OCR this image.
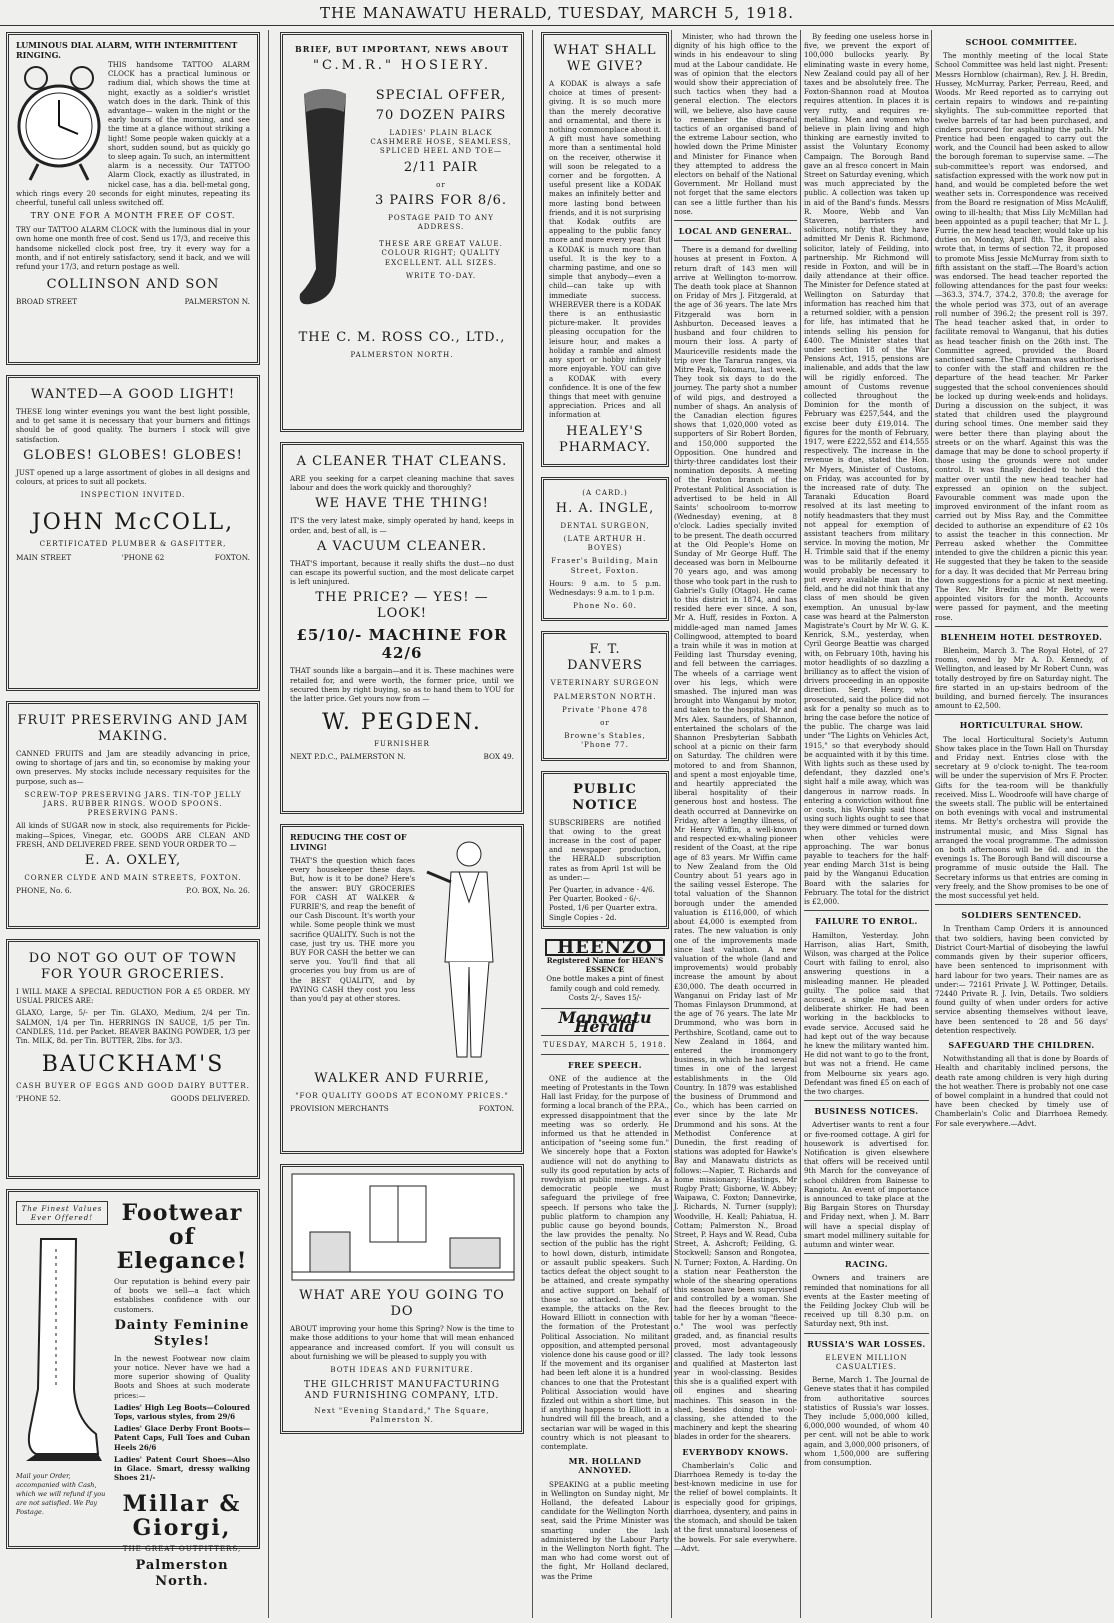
THE MANAWATU HERALD, TUESDAY, MARCH 5, 1918.
LUMINOUS DIAL ALARM, WITH INTERMITTENT RINGING.

THIS handsome TATTOO ALARM CLOCK has a practical luminous or radium dial, which shows the time at night, exactly as a soldier's wristlet watch does in the dark. Think of this advantage— waken in the night or the early hours of the morning, and see the time at a glance without striking a light! Some people waken quickly at a short, sudden sound, but as quickly go to sleep again. To such, an intermittent alarm is a necessity. Our TATTOO Alarm Clock, exactly as illustrated, in nickel case, has a dia. bell-metal gong, which rings every 20 seconds for eight minutes, repeating its cheerful, tuneful call unless switched off.

TRY ONE FOR A MONTH FREE OF COST.

TRY our TATTOO ALARM CLOCK with the luminous dial in your own home one month free of cost. Send us 17/3, and receive this handsome nickelled clock post free, try it every way for a month, and if not entirely satisfactory, send it back, and we will refund your 17/3, and return postage as well.

COLLINSON AND SON
BROAD STREET	PALMERSTON N.
WANTED—A GOOD LIGHT!

THESE long winter evenings you want the best light possible, and to get same it is necessary that your burners and fittings should be of good quality. The burners I stock will give satisfaction.

GLOBES! GLOBES! GLOBES!

JUST opened up a large assortment of globes in all designs and colours, at prices to suit all pockets.

INSPECTION INVITED.
JOHN McCOLL,
CERTIFICATED PLUMBER & GASFITTER,
MAIN STREET	'PHONE 62	FOXTON.
FRUIT PRESERVING AND JAM MAKING.

CANNED FRUITS and Jam are steadily advancing in price, owing to shortage of jars and tin, so economise by making your own preserves. My stocks include necessary requisites for the purpose, such as—

SCREW-TOP PRESERVING JARS. TIN-TOP JELLY JARS. RUBBER RINGS. WOOD SPOONS. PRESERVING PANS.

All kinds of SUGAR now in stock, also requirements for Pickle-making—Spices, Vinegar, etc. GOODS ARE CLEAN AND FRESH, AND DELIVERED FREE. SEND YOUR ORDER TO —

E. A. OXLEY,
CORNER CLYDE AND MAIN STREETS, FOXTON.
PHONE, No. 6.	P.O. BOX, No. 26.
DO NOT GO OUT OF TOWN FOR YOUR GROCERIES.

I WILL MAKE A SPECIAL REDUCTION FOR A £5 ORDER. MY USUAL PRICES ARE:

GLAXO, Large, 5/- per Tin. GLAXO, Medium, 2/4 per Tin. SALMON, 1/4 per Tin. HERRINGS IN SAUCE, 1/5 per Tin. CANDLES, 11d. per Packet. BEAVER BAKING POWDER, 1/3 per Tin. MILK, 8d. per Tin. BUTTER, 2lbs. for 3/3.

BAUCKHAM'S
CASH BUYER OF EGGS AND GOOD DAIRY BUTTER.
'PHONE 52.	GOODS DELIVERED.
The Finest Values Ever Offered!
Mail your Order, accompanied with Cash, which we will refund if you are not satisfied. We Pay Postage.
Footwear of Elegance!

Our reputation is behind every pair of boots we sell—a fact which establishes confidence with our customers.

Dainty Feminine Styles!

In the newest Footwear now claim your notice. Never have we had a more superior showing of Quality Boots and Shoes at such moderate prices:—

Ladies' High Leg Boots—Coloured Tops, various styles, from 29/6

Ladies' Glace Derby Front Boots—Patent Caps, Full Toes and Cuban Heels 26/6

Ladies' Patent Court Shoes—Also in Glace. Smart, dressy walking Shoes 21/-

Millar & Giorgi,
THE GREAT OUTFITTERS,
Palmerston North.
BRIEF, BUT IMPORTANT, NEWS ABOUT
"C.M.R." HOSIERY.
SPECIAL OFFER,
70 DOZEN PAIRS
LADIES' PLAIN BLACK CASHMERE HOSE, SEAMLESS, SPLICED HEEL AND TOE—
2/11 PAIR
or
3 PAIRS FOR 8/6.
POSTAGE PAID TO ANY ADDRESS.
THESE ARE GREAT VALUE. COLOUR RIGHT; QUALITY EXCELLENT. ALL SIZES.
WRITE TO-DAY.
THE C. M. ROSS CO., LTD.,
PALMERSTON NORTH.
A CLEANER THAT CLEANS.

ARE you seeking for a carpet cleaning machine that saves labour and does the work quickly and thoroughly?

WE HAVE THE THING!

IT'S the very latest make, simply operated by hand, keeps in order, and, best of all, is —

A VACUUM CLEANER.

THAT'S important, because it really shifts the dust—no dust can escape its powerful suction, and the most delicate carpet is left uninjured.

THE PRICE? — YES! — LOOK!
£5/10/- MACHINE FOR 42/6

THAT sounds like a bargain—and it is. These machines were retailed for, and were worth, the former price, until we secured them by right buying, so as to hand them to YOU for the latter price. Get yours now from —

W. PEGDEN.
FURNISHER
NEXT P.D.C., PALMERSTON N.	BOX 49.
REDUCING THE COST OF LIVING!

THAT'S the question which faces every housekeeper these days. But, how is it to be done? Here's the answer: BUY GROCERIES FOR CASH AT WALKER & FURRIE'S, and reap the benefit of our Cash Discount. It's worth your while. Some people think we must sacrifice QUALITY. Such is not the case, just try us. THE more you BUY FOR CASH the better we can serve you. You'll find that all groceries you buy from us are of the BEST QUALITY, and by PAYING CASH they cost you less than you'd pay at other stores.

WALKER AND FURRIE,
"FOR QUALITY GOODS AT ECONOMY PRICES."
PROVISION MERCHANTS	FOXTON.
WHAT ARE YOU GOING TO DO

ABOUT improving your home this Spring? Now is the time to make those additions to your home that will mean enhanced appearance and increased comfort. If you will consult us about furnishing we will be pleased to supply you with

BOTH IDEAS AND FURNITURE.
THE GILCHRIST MANUFACTURING AND FURNISHING COMPANY, LTD.
Next "Evening Standard," The Square, Palmerston N.
WHAT SHALL WE GIVE?

A KODAK is always a safe choice at times of present-giving. It is so much more than the merely decorative and ornamental, and there is nothing commonplace about it. A gift must have something more than a sentimental hold on the receiver, otherwise it will soon be relegated to a corner and be forgotten. A useful present like a KODAK makes an infinitely better and more lasting bond between friends, and it is not surprising that Kodak outfits are appealing to the public fancy more and more every year. But a KODAK is much more than useful. It is the key to a charming pastime, and one so simple that anybody—even a child—can take up with immediate success. WHEREVER there is a KODAK there is an enthusiastic picture-maker. It provides pleasing occupation for the leisure hour, and makes a holiday a ramble and almost any sport or hobby infinitely more enjoyable. YOU can give a KODAK with every confidence. It is one of the few things that meet with genuine appreciation. Prices and all information at

HEALEY'S PHARMACY.
(A CARD.)
H. A. INGLE,
DENTAL SURGEON,
(LATE ARTHUR H. BOYES)
Fraser's Building, Main Street, Foxton.

Hours: 9 a.m. to 5 p.m. Wednesdays: 9 a.m. to 1 p.m.

Phone No. 60.
F. T. DANVERS
VETERINARY SURGEON
PALMERSTON NORTH.
Private 'Phone 478
or
Browne's Stables, 'Phone 77.
PUBLIC NOTICE

SUBSCRIBERS are notified that owing to the great increase in the cost of paper and newspaper production, the HERALD subscription rates as from April 1st will be as under:—

Per Quarter, in advance - 4/6.
Per Quarter, Booked - 6/-.
Posted, 1/6 per Quarter extra.
Single Copies - 2d.
HEENZO
Registered Name for HEAN'S ESSENCE
One bottle makes a pint of finest family cough and cold remedy. Costs 2/-, Saves 15/-
Manawatu Herald
TUESDAY, MARCH 5, 1918.
FREE SPEECH.

ONE of the audience at the meeting of Protestants in the Town Hall last Friday, for the purpose of forming a local branch of the P.P.A., expressed disappointment that the meeting was so orderly. He informed us that he attended in anticipation of "seeing some fun." We sincerely hope that a Foxton audience will not do anything to sully its good reputation by acts of rowdyism at public meetings. As a democratic people we must safeguard the privilege of free speech. If persons who take the public platform to champion any public cause go beyond bounds, the law provides the penalty. No section of the public has the right to howl down, disturb, intimidate or assault public speakers. Such tactics defeat the object sought to be attained, and create sympathy and active support on behalf of those so attacked. Take, for example, the attacks on the Rev. Howard Elliott in connection with the formation of the Protestant Political Association. No militant opposition, and attempted personal violence done his cause good or ill? If the movement and its organiser had been left alone it is a hundred chances to one that the Protestant Political Association would have fizzled out within a short time, but if anything happens to Elliott in a hundred will fill the breach, and a sectarian war will be waged in this country which is not pleasant to contemplate.

MR. HOLLAND ANNOYED.

SPEAKING at a public meeting in Wellington on Sunday night, Mr Holland, the defeated Labour candidate for the Wellington North seat, said the Prime Minister was smarting under the lash administered by the Labour Party in the Wellington North fight. The man who had come worst out of the fight, Mr Holland declared, was the Prime

Minister, who had thrown the dignity of his high office to the winds in his endeavour to sling mud at the Labour candidate. He was of opinion that the electors would show their appreciation of such tactics when they had a general election. The electors will, we believe, also have cause to remember the disgraceful tactics of an organised band of the extreme Labour section, who howled down the Prime Minister and Minister for Finance when they attempted to address the electors on behalf of the National Government. Mr Holland must not forget that the same electors can see a little further than his nose.

LOCAL AND GENERAL.

There is a demand for dwelling houses at present in Foxton. A return draft of 143 men will arrive at Wellington to-morrow. The death took place at Shannon on Friday of Mrs J. Fitzgerald, at the age of 36 years. The late Mrs Fitzgerald was born in Ashburton. Deceased leaves a husband and four children to mourn their loss. A party of Mauriceville residents made the trip over the Tararua ranges, via Mitre Peak, Tokomaru, last week. They took six days to do the journey. The party shot a number of wild pigs, and destroyed a number of shags. An analysis of the Canadian election figures shows that 1,020,000 voted as supporters of Sir Robert Borden, and 150,000 supported the Opposition. One hundred and thirty-three candidates lost their nomination deposits. A meeting of the Foxton branch of the Protestant Political Association is advertised to be held in All Saints' schoolroom to-morrow (Wednesday) evening, at 8 o'clock. Ladies specially invited to be present. The death occurred at the Old People's Home on Sunday of Mr George Huff. The deceased was born in Melbourne 70 years ago, and was among those who took part in the rush to Gabriel's Gully (Otago). He came to this district in 1874, and has resided here ever since. A son, Mr A. Huff, resides in Foxton. A middle-aged man named James Collingwood, attempted to board a train while it was in motion at Feilding last Thursday evening, and fell between the carriages. The wheels of a carriage went over his legs, which were smashed. The injured man was brought into Wanganui by motor, and taken to the hospital. Mr and Mrs Alex. Saunders, of Shannon, entertained the scholars of the Shannon Presbyterian Sabbath school at a picnic on their farm on Saturday. The children were motored to and from Shannon, and spent a most enjoyable time, and heartily appreciated the liberal hospitality of their generous host and hostess. The death occurred at Dannevirke on Friday, after a lengthy illness, of Mr Henry Wiffin, a well-known and respected ex-whaling pioneer resident of the Coast, at the ripe age of 83 years. Mr Wiffin came to New Zealand from the Old Country about 51 years ago in the sailing vessel Esterope. The total valuation of the Shannon borough under the amended valuation is £116,000, of which about £4,000 is exempted from rates. The new valuation is only one of the improvements made since last valuation. A new valuation of the whole (land and improvements) would probably increase the amount by about £30,000. The death occurred in Wanganui on Friday last of Mr Thomas Finlayson Drummond, at the age of 76 years. The late Mr Drummond, who was born in Perthshire, Scotland, came out to New Zealand in 1864, and entered the ironmongery business, in which he had several times in one of the largest establishments in the Old Country. In 1879 was established the business of Drummond and Co., which has been carried on ever since by the late Mr Drummond and his sons. At the Methodist Conference at Dunedin, the first reading of stations was adopted for Hawke's Bay and Manawatu districts as follows:—Napier, T. Richards and home missionary; Hastings, Mr Rugby Pratt; Gisborne, W. Abbey; Waipawa, C. Foxton; Dannevirke, J. Richards, N. Turner (supply); Woodville, H. Keall; Pahiatua, H. Cottam; Palmerston N., Broad Street, P. Hays and W. Read, Cuba Street, A. Ashcroft; Feilding, G. Stockwell; Sanson and Rongotea, N. Turner; Foxton, A. Harding. On a station near Featherston the whole of the shearing operations this season have been supervised and controlled by a woman. She had the fleeces brought to the table for her by a woman "fleece-o." The wool was perfectly graded, and, as financial results proved, most advantageously classed. The lady took lessons and qualified at Masterton last year in wool-classing. Besides this she is a qualified expert with oil engines and shearing machines. This season in the shed, besides doing the wool-classing, she attended to the machinery and kept the shearing blades in order for the shearers.

EVERYBODY KNOWS.

Chamberlain's Colic and Diarrhoea Remedy is to-day the best-known medicine in use for the relief of bowel complaints. It is especially good for gripings, diarrhoea, dysentery, and pains in the stomach, and should be taken at the first unnatural looseness of the bowels. For sale everywhere.—Advt.

By feeding one useless horse in five, we prevent the export of 100,000 bullocks yearly. By eliminating waste in every home, New Zealand could pay all of her taxes and be absolutely free. The Foxton-Shannon road at Moutoa requires attention. In places it is very rutty, and requires re-metalling. Men and women who believe in plain living and high thinking are earnestly invited to assist the Voluntary Economy Campaign. The Borough Band gave an al fresco concert in Main Street on Saturday evening, which was much appreciated by the public. A collection was taken up in aid of the Band's funds. Messrs R. Moore, Webb and Van Staveren, barristers and solicitors, notify that they have admitted Mr Denis R. Richmond, solicitor, lately of Feilding, into partnership. Mr Richmond will reside in Foxton, and will be in daily attendance at their office. The Minister for Defence stated at Wellington on Saturday that information has reached him that a returned soldier, with a pension for life, has intimated that he intends selling his pension for £400. The Minister states that under section 18 of the War Pensions Act, 1915, pensions are inalienable, and adds that the law will be rigidly enforced. The amount of Customs revenue collected throughout the Dominion for the month of February was £257,544, and the excise beer duty £19,014. The figures for the month of February, 1917, were £222,552 and £14,555 respectively. The increase in the revenue is due, stated the Hon. Mr Myers, Minister of Customs, on Friday, was accounted for by the increased rate of duty. The Taranaki Education Board resolved at its last meeting to notify headmasters that they must not appeal for exemption of assistant teachers from military service. In moving the motion, Mr H. Trimble said that if the enemy was to be militarily defeated it would probably be necessary to put every available man in the field, and he did not think that any class of men should be given exemption. An unusual by-law case was heard at the Palmerston Magistrate's Court by Mr W. G. K. Kenrick, S.M., yesterday, when Cyril George Beattie was charged with, on February 10th, having his motor headlights of so dazzling a brilliancy as to affect the vision of drivers proceeding in an opposite direction. Sergt. Henry, who prosecuted, said the police did not ask for a penalty so much as to bring the case before the notice of the public. The charge was laid under "The Lights on Vehicles Act, 1915," so that everybody should be acquainted with it by this time. With lights such as these used by defendant, they dazzled one's sight half a mile away, which was dangerous in narrow roads. In entering a conviction without fine or costs, his Worship said those using such lights ought to see that they were dimmed or turned down when other vehicles were approaching. The war bonus payable to teachers for the half-year ending March 31st is being paid by the Wanganui Education Board with the salaries for February. The total for the district is £2,000.

FAILURE TO ENROL.

Hamilton, Yesterday. John Harrison, alias Hart, Smith, Wilson, was charged at the Police Court with failing to enrol, also answering questions in a misleading manner. He pleaded guilty. The police said that accused, a single man, was a deliberate shirker. He had been working in the backblocks to evade service. Accused said he had kept out of the way because he knew the military wanted him. He did not want to go to the front, but was not a friend. He came from Melbourne six years ago. Defendant was fined £5 on each of the two charges.

BUSINESS NOTICES.

Advertiser wants to rent a four or five-roomed cottage. A girl for housework is advertised for. Notification is given elsewhere that offers will be received until 9th March for the conveyance of school children from Bainesse to Rangiotu. An event of importance is announced to take place at the Big Bargain Stores on Thursday and Friday next, when J. M. Barr will have a special display of smart model millinery suitable for autumn and winter wear.

RACING.

Owners and trainers are reminded that nominations for all events at the Easter meeting of the Feilding Jockey Club will be received up till 8.30 p.m. on Saturday next, 9th inst.

RUSSIA'S WAR LOSSES.
ELEVEN MILLION CASUALTIES.

Berne, March 1. The Journal de Geneve states that it has compiled from authoritative sources statistics of Russia's war losses. They include 5,000,000 killed, 6,000,000 wounded, of whom 40 per cent. will not be able to work again, and 3,000,000 prisoners, of whom 1,500,000 are suffering from consumption.

SCHOOL COMMITTEE.

The monthly meeting of the local State School Committee was held last night. Present: Messrs Hornblow (chairman), Rev. J. H. Bredin, Hussey, McMurray, Parker, Perreau, Reed, and Woods. Mr Reed reported as to carrying out certain repairs to windows and re-painting skylights. The sub-committee reported that twelve barrels of tar had been purchased, and cinders procured for asphalting the path. Mr Prentice had been engaged to carry out the work, and the Council had been asked to allow the borough foreman to supervise same. —The sub-committee's report was endorsed, and satisfaction expressed with the work now put in hand, and would be completed before the wet weather sets in. Correspondence was received from the Board re resignation of Miss McAuliff, owing to ill-health; that Miss Lily McMillan had been appointed as a pupil teacher; that Mr L. J. Furrie, the new head teacher, would take up his duties on Monday, April 8th. The Board also wrote that, in terms of section 72, it proposed to promote Miss Jessie McMurray from sixth to fifth assistant on the staff.—The Board's action was endorsed. The head teacher reported the following attendances for the past four weeks:—363.3, 374.7, 374.2, 370.8; the average for the whole period was 373, out of an average roll number of 396.2; the present roll is 397. The head teacher asked that, in order to facilitate removal to Wanganui, that his duties as head teacher finish on the 26th inst. The Committee agreed, provided the Board sanctioned same. The Chairman was authorised to confer with the staff and children re the departure of the head teacher. Mr Parker suggested that the school conveniences should be locked up during week-ends and holidays. During a discussion on the subject, it was stated that children used the playground during school times. One member said they were better there than playing about the streets or on the wharf. Against this was the damage that may be done to school property if those using the grounds were not under control. It was finally decided to hold the matter over until the new head teacher had expressed an opinion on the subject. Favourable comment was made upon the improved environment of the infant room as carried out by Miss Ray, and the Committee decided to authorise an expenditure of £2 10s to assist the teacher in this connection. Mr Perreau asked whether the Committee intended to give the children a picnic this year. He suggested that they be taken to the seaside for a day. It was decided that Mr Perreau bring down suggestions for a picnic at next meeting. The Rev. Mr Bredin and Mr Betty were appointed visitors for the month. Accounts were passed for payment, and the meeting rose.

BLENHEIM HOTEL DESTROYED.

Blenheim, March 3. The Royal Hotel, of 27 rooms, owned by Mr A. D. Kennedy, of Wellington, and leased by Mr Robert Cunn, was totally destroyed by fire on Saturday night. The fire started in an up-stairs bedroom of the building, and burned fiercely. The insurances amount to £2,500.

HORTICULTURAL SHOW.

The local Horticultural Society's Autumn Show takes place in the Town Hall on Thursday and Friday next. Entries close with the secretary at 9 o'clock to-night. The tea-room will be under the supervision of Mrs F. Procter. Gifts for the tea-room will be thankfully received. Miss L. Woodroofe will have charge of the sweets stall. The public will be entertained on both evenings with vocal and instrumental items. Mr Betty's orchestra will provide the instrumental music, and Miss Signal has arranged the vocal programme. The admission on both afternoons will be 6d. and in the evenings 1s. The Borough Band will discourse a programme of music outside the Hall. The Secretary informs us that entries are coming in very freely, and the Show promises to be one of the most successful yet held.

SOLDIERS SENTENCED.

In Trentham Camp Orders it is announced that two soldiers, having been convicted by District Court-Martial of disobeying the lawful commands given by their superior officers, have been sentenced to imprisonment with hard labour for two years. Their names are as under:— 72161 Private J. W. Pottinger, Details. 72440 Private R. J. Ivin, Details. Two soldiers found guilty of when under orders for active service absenting themselves without leave, have been sentenced to 28 and 56 days' detention respectively.

SAFEGUARD THE CHILDREN.

Notwithstanding all that is done by Boards of Health and charitably inclined persons, the death rate among children is very high during the hot weather. There is probably not one case of bowel complaint in a hundred that could not have been checked by timely use of Chamberlain's Colic and Diarrhoea Remedy. For sale everywhere.—Advt.
